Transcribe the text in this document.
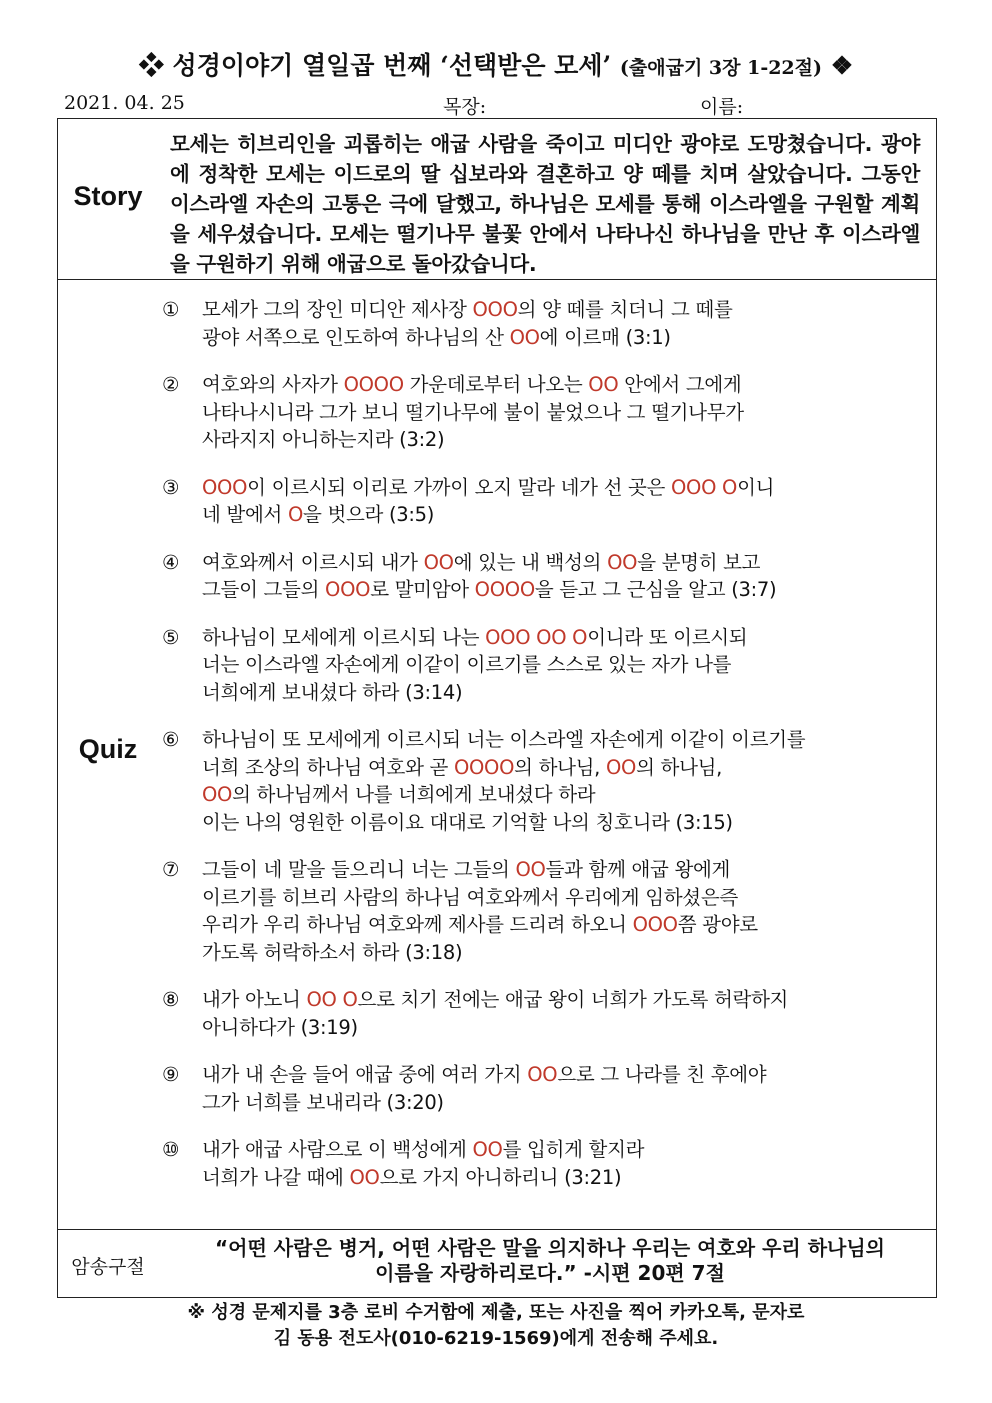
❖ 성경이야기 열일곱 번째 ‘선택받은 모세’ (출애굽기 3장 1-22절) ❖
2021. 04. 25	목장:	이름:
Story
모세는 히브리인을 괴롭히는 애굽 사람을 죽이고 미디안 광야로 도망쳤습니다. 광야에 정착한 모세는 이드로의 딸 십보라와 결혼하고 양 떼를 치며 살았습니다. 그동안 이스라엘 자손의 고통은 극에 달했고, 하나님은 모세를 통해 이스라엘을 구원할 계획을 세우셨습니다. 모세는 떨기나무 불꽃 안에서 나타나신 하나님을 만난 후 이스라엘을 구원하기 위해 애굽으로 돌아갔습니다.
Quiz
① 모세가 그의 장인 미디안 제사장 OOO의 양 떼를 치더니 그 떼를
광야 서쪽으로 인도하여 하나님의 산 OO에 이르매 (3:1)
② 여호와의 사자가 OOOO 가운데로부터 나오는 OO 안에서 그에게
나타나시니라 그가 보니 떨기나무에 불이 붙었으나 그 떨기나무가
사라지지 아니하는지라 (3:2)
③ OOO이 이르시되 이리로 가까이 오지 말라 네가 선 곳은 OOO O이니
네 발에서 O을 벗으라 (3:5)
④ 여호와께서 이르시되 내가 OO에 있는 내 백성의 OO을 분명히 보고
그들이 그들의 OOO로 말미암아 OOOO을 듣고 그 근심을 알고 (3:7)
⑤ 하나님이 모세에게 이르시되 나는 OOO OO O이니라 또 이르시되
너는 이스라엘 자손에게 이같이 이르기를 스스로 있는 자가 나를
너희에게 보내셨다 하라 (3:14)
⑥ 하나님이 또 모세에게 이르시되 너는 이스라엘 자손에게 이같이 이르기를
너희 조상의 하나님 여호와 곧 OOOO의 하나님, OO의 하나님,
OO의 하나님께서 나를 너희에게 보내셨다 하라
이는 나의 영원한 이름이요 대대로 기억할 나의 칭호니라 (3:15)
⑦ 그들이 네 말을 들으리니 너는 그들의 OO들과 함께 애굽 왕에게
이르기를 히브리 사람의 하나님 여호와께서 우리에게 임하셨은즉
우리가 우리 하나님 여호와께 제사를 드리려 하오니 OOO쯤 광야로
가도록 허락하소서 하라 (3:18)
⑧ 내가 아노니 OO O으로 치기 전에는 애굽 왕이 너희가 가도록 허락하지
아니하다가 (3:19)
⑨ 내가 내 손을 들어 애굽 중에 여러 가지 OO으로 그 나라를 친 후에야
그가 너희를 보내리라 (3:20)
⑩ 내가 애굽 사람으로 이 백성에게 OO를 입히게 할지라
너희가 나갈 때에 OO으로 가지 아니하리니 (3:21)
암송구절
“어떤 사람은 병거, 어떤 사람은 말을 의지하나 우리는 여호와 우리 하나님의
이름을 자랑하리로다.” -시편 20편 7절
※ 성경 문제지를 3층 로비 수거함에 제출, 또는 사진을 찍어 카카오톡, 문자로
김 동용 전도사(010-6219-1569)에게 전송해 주세요.
